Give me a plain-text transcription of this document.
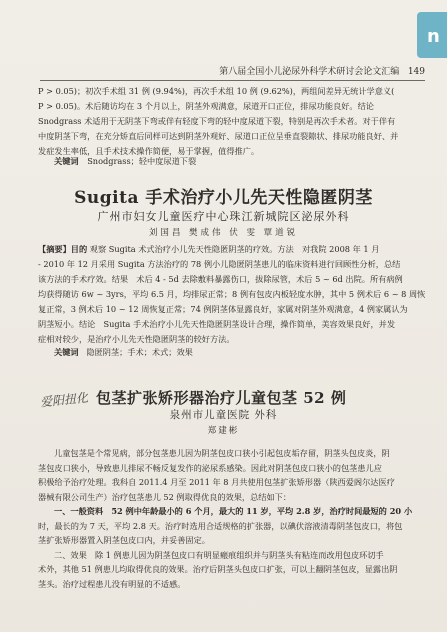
n
第八届全国小儿泌尿外科学术研讨会论文汇编 149
P > 0.05)；初次手术组 31 例 (9.94%)，再次手术组 10 例 (9.62%)，两组间差异无统计学意义(
P > 0.05)。术后随访均在 3 个月以上，阴茎外观满意，尿道开口正位，排尿功能良好。结论
Snodgrass 术适用于无阴茎下弯或伴有轻度下弯的轻中度尿道下裂，特别是再次手术者。对于伴有
中度阴茎下弯，在充分矫直后同样可达到阴茎外观好、尿道口正位呈垂直裂隙状、排尿功能良好、并
发症发生率低，且手术技术操作简便，易于掌握，值得推广。
关键词 Snodgrass；轻中度尿道下裂
Sugita 手术治疗小儿先天性隐匿阴茎
广州市妇女儿童医疗中心珠江新城院区泌尿外科
刘国昌 樊成伟 伏 雯 覃道锐
【摘要】目的 观察 Sugita 术式治疗小儿先天性隐匿阴茎的疗效。方法　对我院 2008 年 1 月
- 2010 年 12 月采用 Sugita 方法治疗的 78 例小儿隐匿阴茎患儿的临床资料进行回顾性分析，总结
该方法的手术疗效。结果　术后 4 - 5d 去除敷料暴露伤口，拔除尿管，术后 5 ~ 6d 出院。所有病例
均获得随访 6w ~ 3yrs，平均 6.5 月，均排尿正常；8 例有包皮内板轻度水肿，其中 5 例术后 6 ~ 8 周恢
复正常，3 例术后 10 ~ 12 周恢复正常；74 例阴茎体显露良好，家属对阴茎外观满意，4 例家属认为
阴茎短小。结论　Sugita 手术治疗小儿先天性隐匿阴茎设计合理，操作简单，美容效果良好，并发
症相对较少，是治疗小儿先天性隐匿阴茎的较好方法。
关键词 隐匿阴茎；手术；术式；效果
爱阳扭化 包茎扩张矫形器治疗儿童包茎 52 例
泉州市儿童医院 外科
郑建彬
儿童包茎是个常见病，部分包茎患儿因为阴茎包皮口狭小引起包皮垢存留，阴茎头包皮炎，阴
茎包皮口狭小，导致患儿排尿不畅反复发作的泌尿系感染。因此对阴茎包皮口狭小的包茎患儿应
积极给予治疗处理。我科自 2011.4 月至 2011 年 8 月共使用包茎扩张矫形器（陕西爱阁尔达医疗
器械有限公司生产）治疗包茎患儿 52 例取得优良的效果，总结如下：
一、一般资料　52 例中年龄最小的 6 个月，最大的 11 岁，平均 2.8 岁，治疗时间最短的 20 小
时，最长的为 7 天，平均 2.8 天。治疗时选用合适规格的扩张器，以碘伏溶液清毒阴茎包皮口，将包
茎扩张矫形器置入阴茎包皮口内，并妥善固定。
二、效果　除 1 例患儿因为阴茎包皮口有明显瘢痕组织并与阴茎头有粘连而改用包皮环切手
术外，其他 51 例患儿均取得优良的效果。治疗后阴茎头包皮口扩张，可以上翻阴茎包皮，显露出阴
茎头。治疗过程患儿没有明显的不适感。
